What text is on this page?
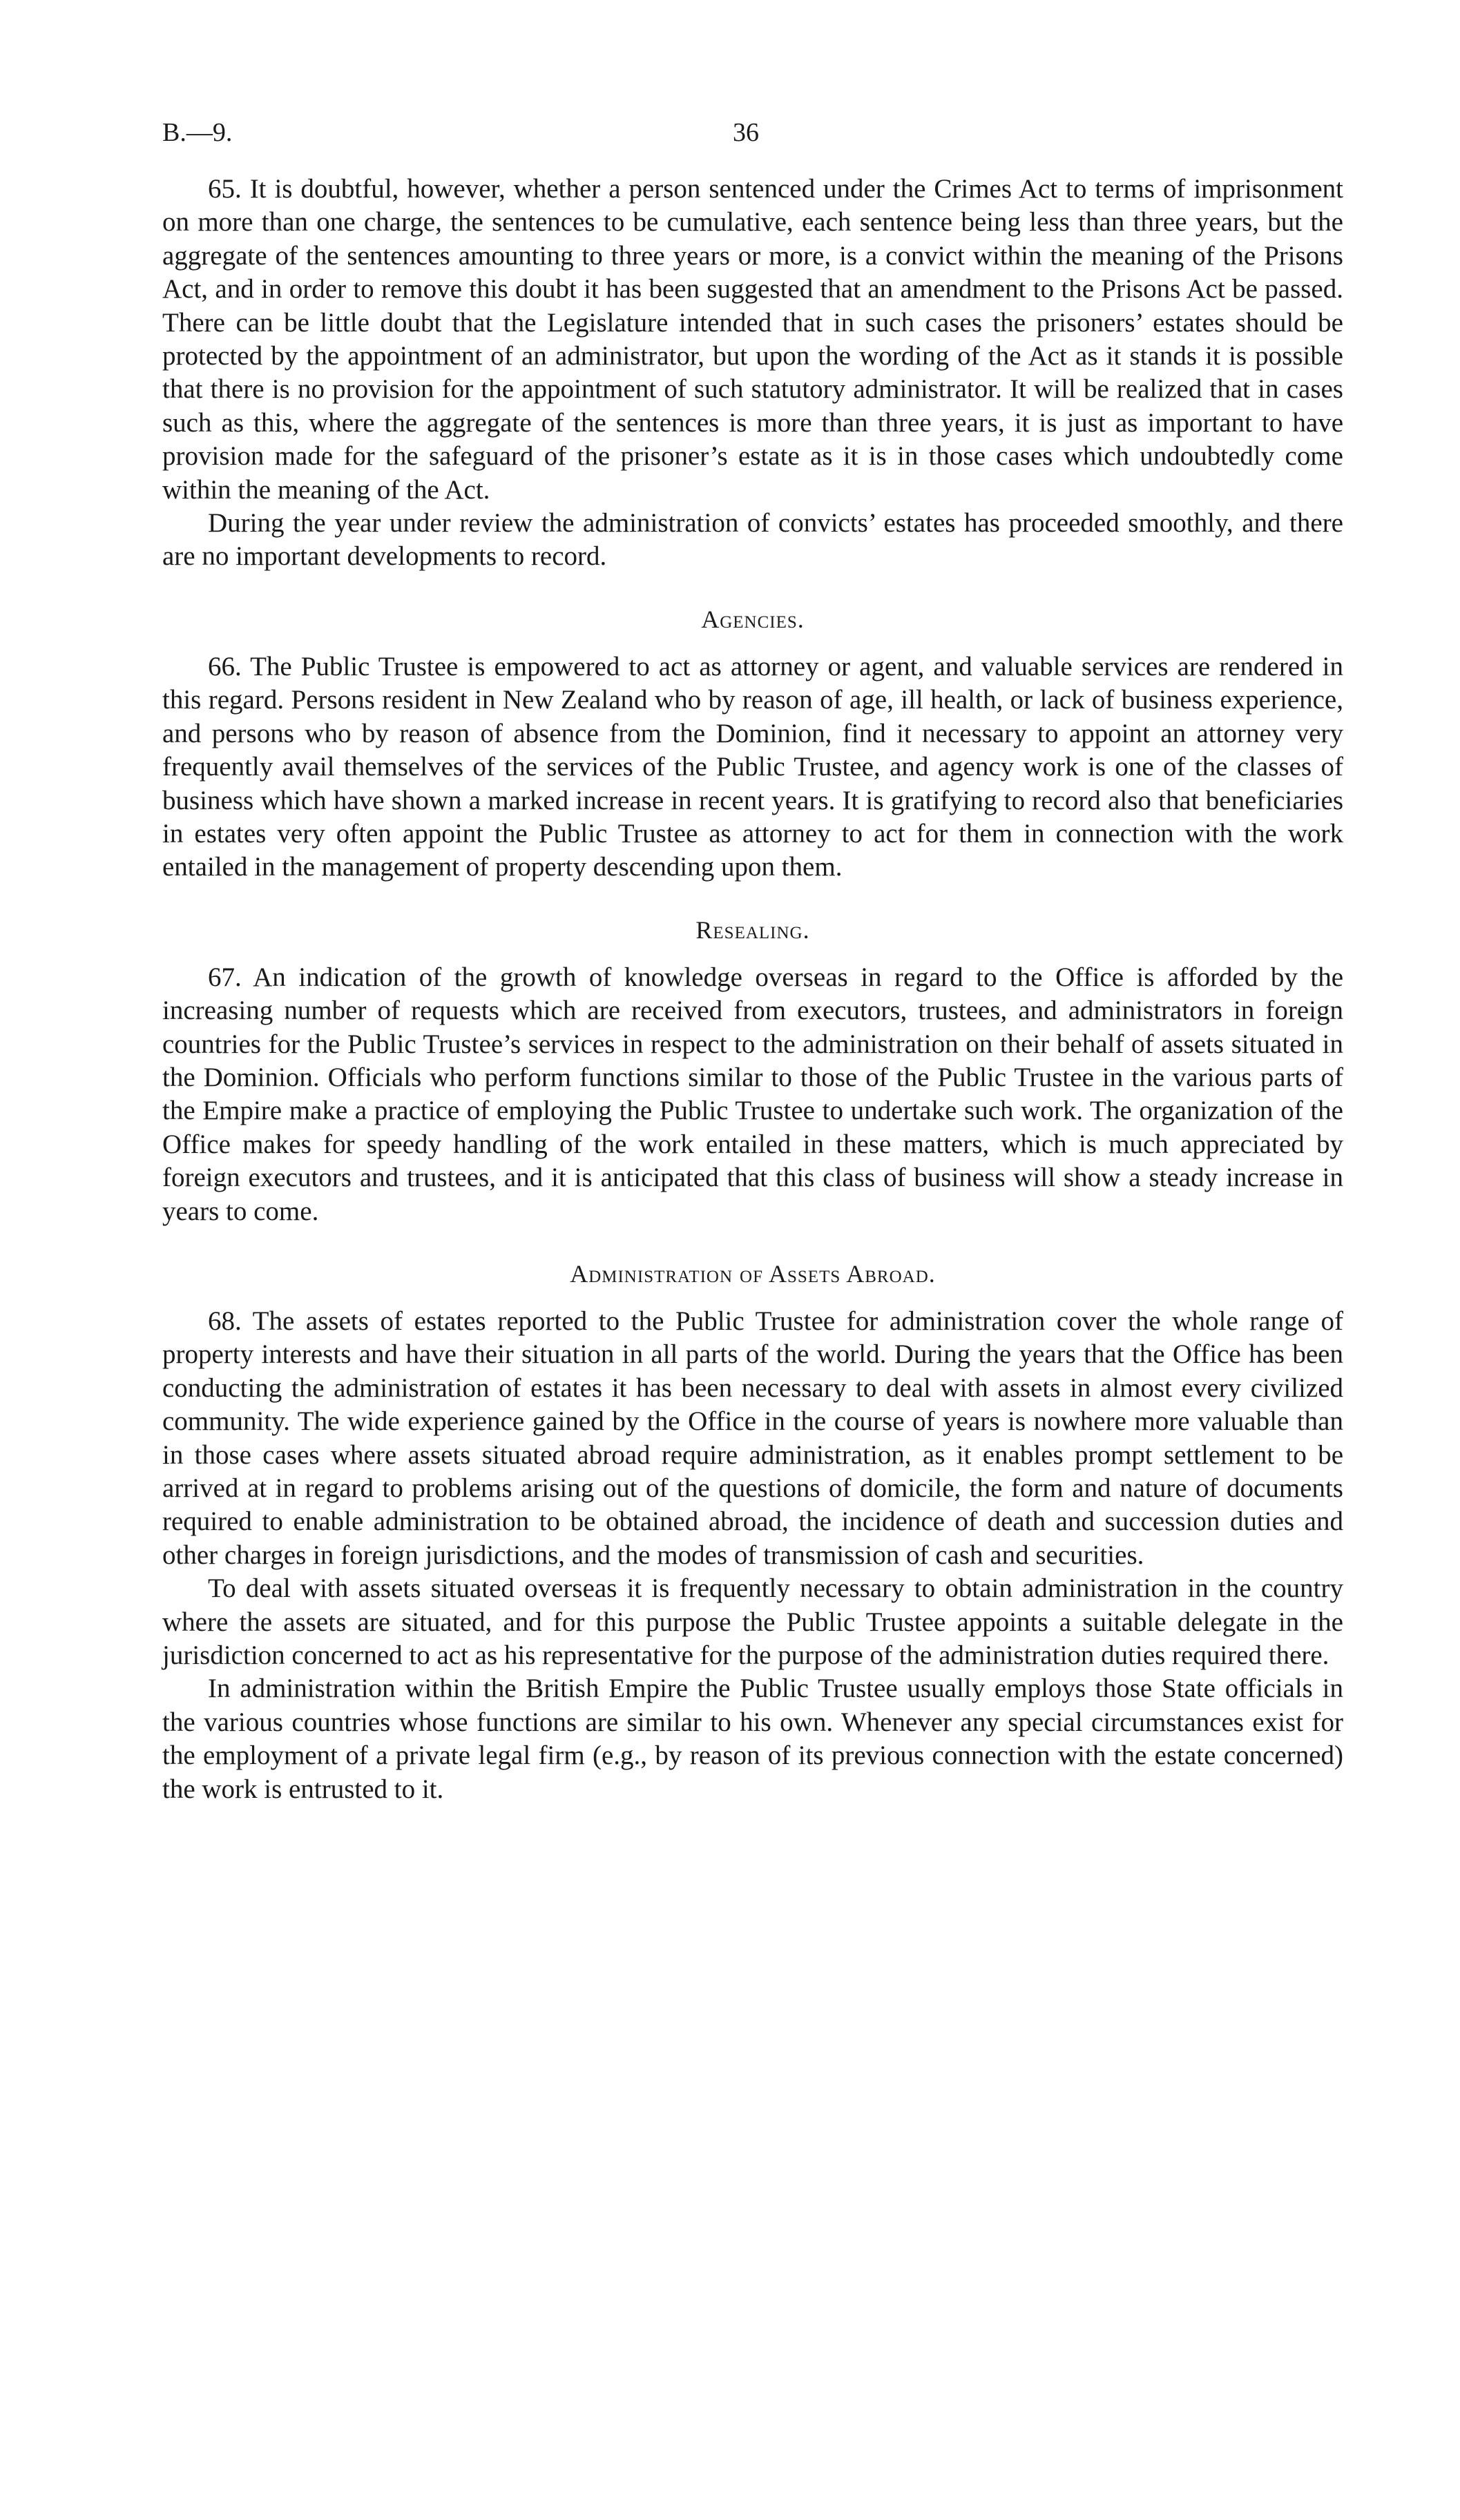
B.—9.	36

65. It is doubtful, however, whether a person sentenced under the Crimes Act to terms of imprisonment on more than one charge, the sentences to be cumulative, each sentence being less than three years, but the aggregate of the sentences amounting to three years or more, is a convict within the meaning of the Prisons Act, and in order to remove this doubt it has been suggested that an amendment to the Prisons Act be passed. There can be little doubt that the Legislature intended that in such cases the prisoners’ estates should be protected by the appointment of an administrator, but upon the wording of the Act as it stands it is possible that there is no provision for the appointment of such statutory administrator. It will be realized that in cases such as this, where the aggregate of the sentences is more than three years, it is just as important to have provision made for the safeguard of the prisoner’s estate as it is in those cases which undoubtedly come within the meaning of the Act.

During the year under review the administration of convicts’ estates has proceeded smoothly, and there are no important developments to record.

Agencies.

66. The Public Trustee is empowered to act as attorney or agent, and valuable services are rendered in this regard. Persons resident in New Zealand who by reason of age, ill health, or lack of business experience, and persons who by reason of absence from the Dominion, find it necessary to appoint an attorney very frequently avail themselves of the services of the Public Trustee, and agency work is one of the classes of business which have shown a marked increase in recent years. It is gratifying to record also that beneficiaries in estates very often appoint the Public Trustee as attorney to act for them in connection with the work entailed in the management of property descending upon them.

Resealing.

67. An indication of the growth of knowledge overseas in regard to the Office is afforded by the increasing number of requests which are received from executors, trustees, and administrators in foreign countries for the Public Trustee’s services in respect to the administration on their behalf of assets situated in the Dominion. Officials who perform functions similar to those of the Public Trustee in the various parts of the Empire make a practice of employing the Public Trustee to undertake such work. The organization of the Office makes for speedy handling of the work entailed in these matters, which is much appreciated by foreign executors and trustees, and it is anticipated that this class of business will show a steady increase in years to come.

Administration of Assets Abroad.

68. The assets of estates reported to the Public Trustee for administration cover the whole range of property interests and have their situation in all parts of the world. During the years that the Office has been conducting the administration of estates it has been necessary to deal with assets in almost every civilized community. The wide experience gained by the Office in the course of years is nowhere more valuable than in those cases where assets situated abroad require administration, as it enables prompt settlement to be arrived at in regard to problems arising out of the questions of domicile, the form and nature of documents required to enable administration to be obtained abroad, the incidence of death and succession duties and other charges in foreign jurisdictions, and the modes of transmission of cash and securities.

To deal with assets situated overseas it is frequently necessary to obtain administration in the country where the assets are situated, and for this purpose the Public Trustee appoints a suitable delegate in the jurisdiction concerned to act as his representative for the purpose of the administration duties required there.

In administration within the British Empire the Public Trustee usually employs those State officials in the various countries whose functions are similar to his own. Whenever any special circumstances exist for the employment of a private legal firm (e.g., by reason of its previous connection with the estate concerned) the work is entrusted to it.
